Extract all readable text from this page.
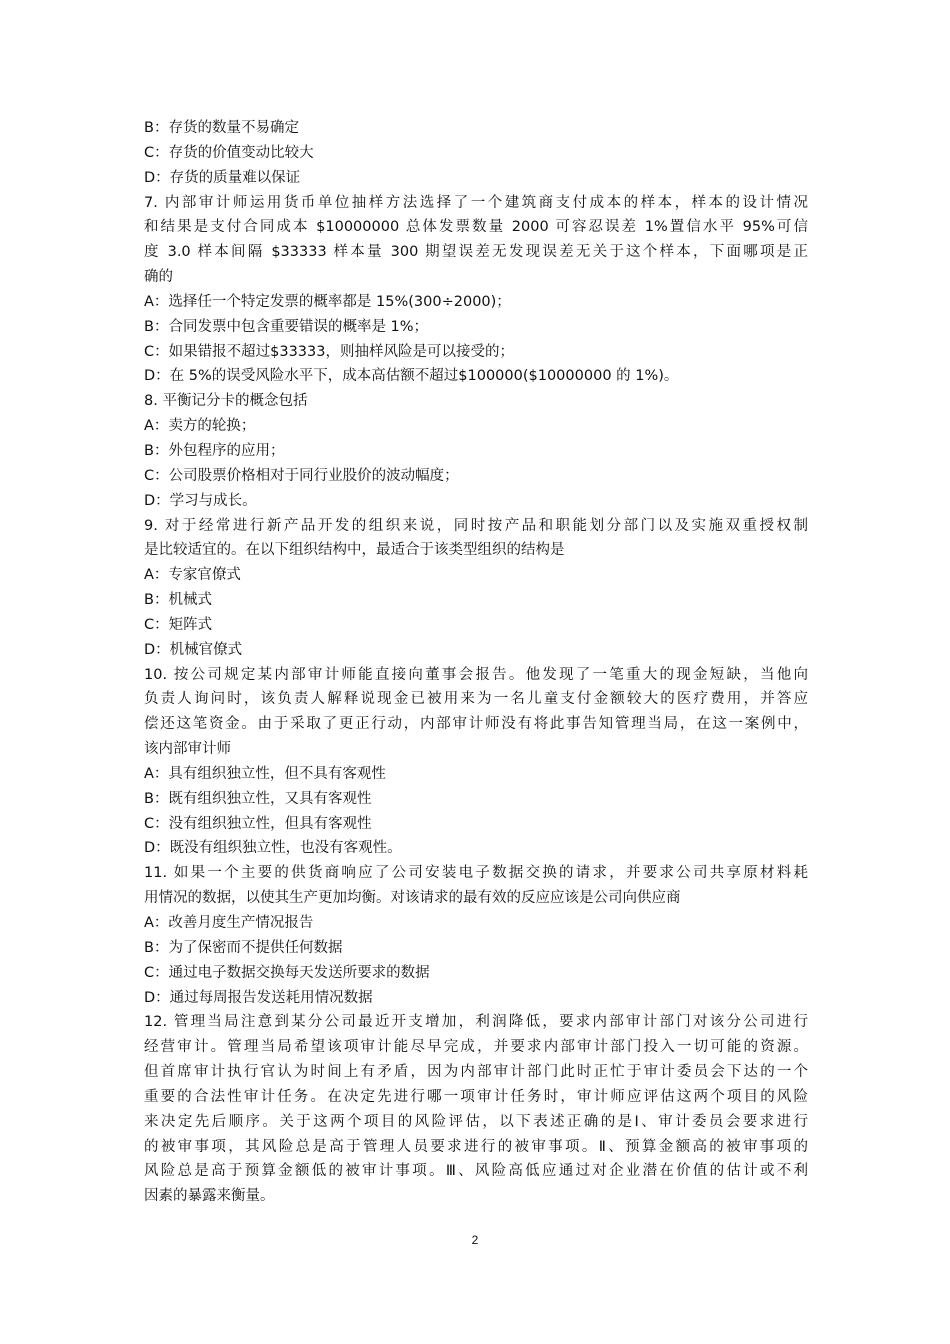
B：存货的数量不易确定

C：存货的价值变动比较大

D：存货的质量难以保证

7. 内部审计师运用货币单位抽样方法选择了一个建筑商支付成本的样本，样本的设计情况

和结果是支付合同成本 $10000000 总体发票数量 2000 可容忍误差 1%置信水平 95%可信

度 3.0 样本间隔 $33333 样本量 300 期望误差无发现误差无关于这个样本，下面哪项是正

确的

A：选择任一个特定发票的概率都是 15%(300÷2000)；

B：合同发票中包含重要错误的概率是 1%；

C：如果错报不超过$33333，则抽样风险是可以接受的；

D：在 5%的误受风险水平下，成本高估额不超过$100000($10000000 的 1%)。

8. 平衡记分卡的概念包括

A：卖方的轮换；

B：外包程序的应用；

C：公司股票价格相对于同行业股价的波动幅度；

D：学习与成长。

9. 对于经常进行新产品开发的组织来说，同时按产品和职能划分部门以及实施双重授权制

是比较适宜的。在以下组织结构中，最适合于该类型组织的结构是

A：专家官僚式

B：机械式

C：矩阵式

D：机械官僚式

10. 按公司规定某内部审计师能直接向董事会报告。他发现了一笔重大的现金短缺，当他向

负责人询问时，该负责人解释说现金已被用来为一名儿童支付金额较大的医疗费用，并答应

偿还这笔资金。由于采取了更正行动，内部审计师没有将此事告知管理当局，在这一案例中，

该内部审计师

A：具有组织独立性，但不具有客观性

B：既有组织独立性，又具有客观性

C：没有组织独立性，但具有客观性

D：既没有组织独立性，也没有客观性。

11. 如果一个主要的供货商响应了公司安装电子数据交换的请求，并要求公司共享原材料耗

用情况的数据，以使其生产更加均衡。对该请求的最有效的反应应该是公司向供应商

A：改善月度生产情况报告

B：为了保密而不提供任何数据

C：通过电子数据交换每天发送所要求的数据

D：通过每周报告发送耗用情况数据

12. 管理当局注意到某分公司最近开支增加，利润降低，要求内部审计部门对该分公司进行

经营审计。管理当局希望该项审计能尽早完成，并要求内部审计部门投入一切可能的资源。

但首席审计执行官认为时间上有矛盾，因为内部审计部门此时正忙于审计委员会下达的一个

重要的合法性审计任务。在决定先进行哪一项审计任务时，审计师应评估这两个项目的风险

来决定先后顺序。关于这两个项目的风险评估，以下表述正确的是Ⅰ、审计委员会要求进行

的被审事项，其风险总是高于管理人员要求进行的被审事项。Ⅱ、预算金额高的被审事项的

风险总是高于预算金额低的被审计事项。Ⅲ、风险高低应通过对企业潜在价值的估计或不利

因素的暴露来衡量。

2
